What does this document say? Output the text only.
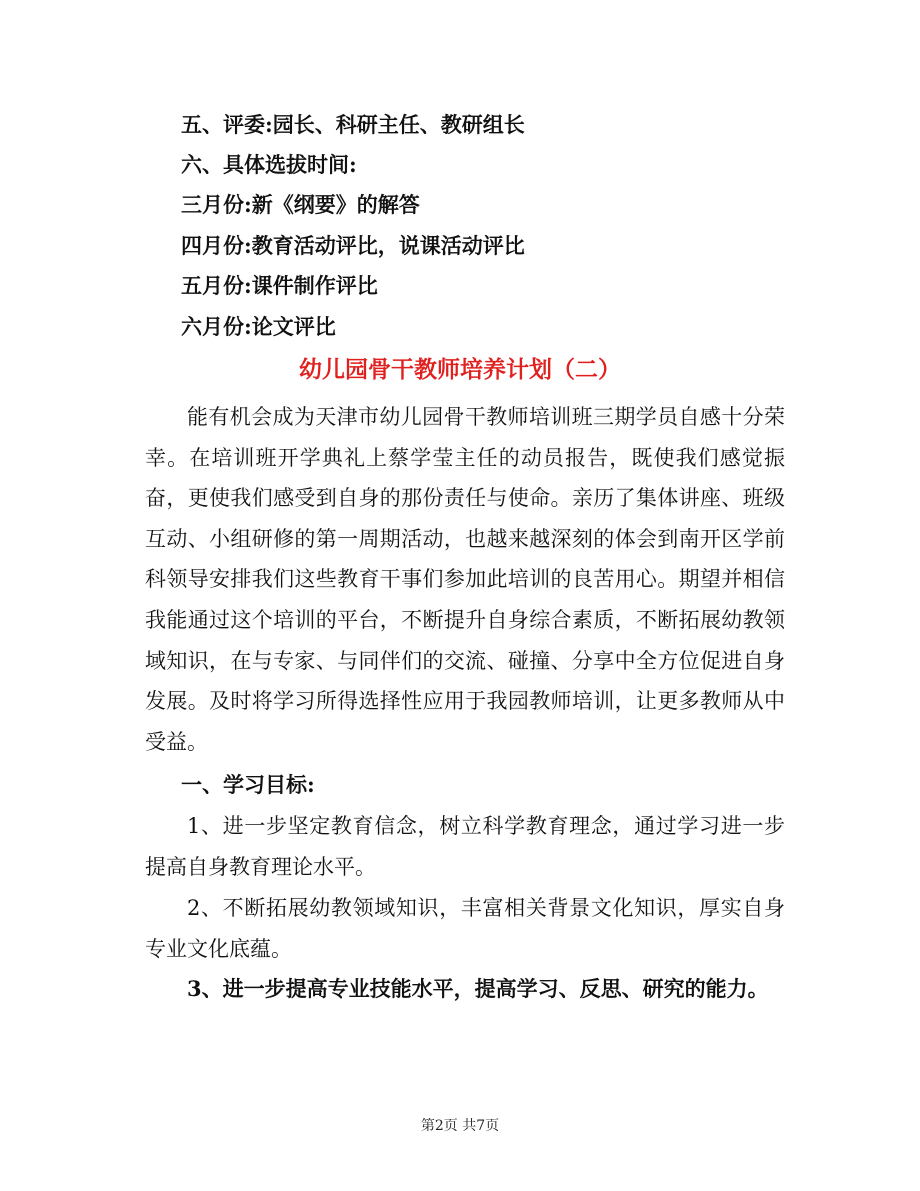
五、评委:园长、科研主任、教研组长

六、具体选拔时间:

三月份:新《纲要》的解答

四月份:教育活动评比，说课活动评比

五月份:课件制作评比

六月份:论文评比

幼儿园骨干教师培养计划（二）

能有机会成为天津市幼儿园骨干教师培训班三期学员自感十分荣幸。在培训班开学典礼上蔡学莹主任的动员报告，既使我们感觉振奋，更使我们感受到自身的那份责任与使命。亲历了集体讲座、班级互动、小组研修的第一周期活动，也越来越深刻的体会到南开区学前科领导安排我们这些教育干事们参加此培训的良苦用心。期望并相信我能通过这个培训的平台，不断提升自身综合素质，不断拓展幼教领域知识，在与专家、与同伴们的交流、碰撞、分享中全方位促进自身发展。及时将学习所得选择性应用于我园教师培训，让更多教师从中受益。

一、学习目标:

1、进一步坚定教育信念，树立科学教育理念，通过学习进一步提高自身教育理论水平。

2、不断拓展幼教领域知识，丰富相关背景文化知识，厚实自身专业文化底蕴。

3、进一步提高专业技能水平，提高学习、反思、研究的能力。

第2页 共7页
